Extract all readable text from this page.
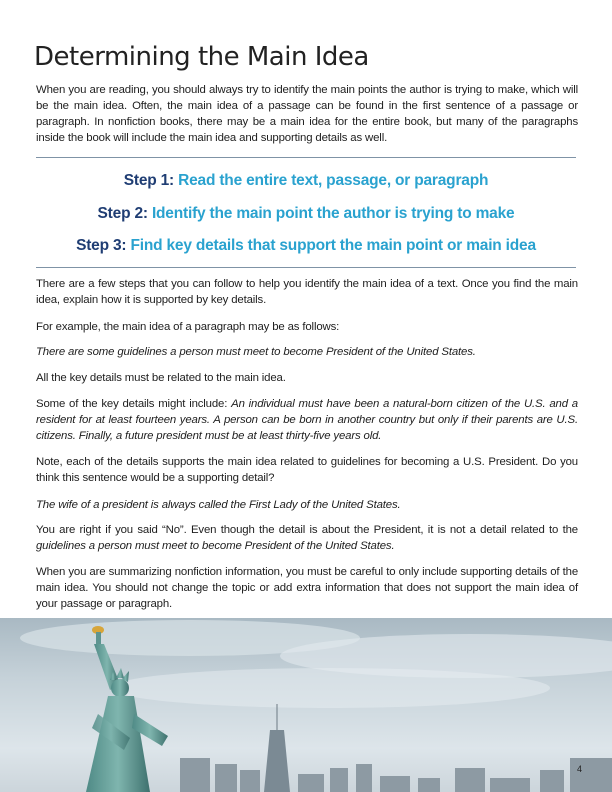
Determining the Main Idea

When you are reading, you should always try to identify the main points the author is trying to make, which will be the main idea. Often, the main idea of a passage can be found in the first sentence of a passage or paragraph. In nonfiction books, there may be a main idea for the entire book, but many of the paragraphs inside the book will include the main idea and supporting details as well.

Step 1: Read the entire text, passage, or paragraph
Step 2: Identify the main point the author is trying to make
Step 3: Find key details that support the main point or main idea

There are a few steps that you can follow to help you identify the main idea of a text. Once you find the main idea, explain how it is supported by key details.

For example, the main idea of a paragraph may be as follows:

There are some guidelines a person must meet to become President of the United States.

All the key details must be related to the main idea.

Some of the key details might include: An individual must have been a natural-born citizen of the U.S. and a resident for at least fourteen years. A person can be born in another country but only if their parents are U.S. citizens. Finally, a future president must be at least thirty-five years old.

Note, each of the details supports the main idea related to guidelines for becoming a U.S. President. Do you think this sentence would be a supporting detail?

The wife of a president is always called the First Lady of the United States.

You are right if you said “No”. Even though the detail is about the President, it is not a detail related to the guidelines a person must meet to become President of the United States.

When you are summarizing nonfiction information, you must be careful to only include supporting details of the main idea. You should not change the topic or add extra information that does not support the main idea of your passage or paragraph.

4
